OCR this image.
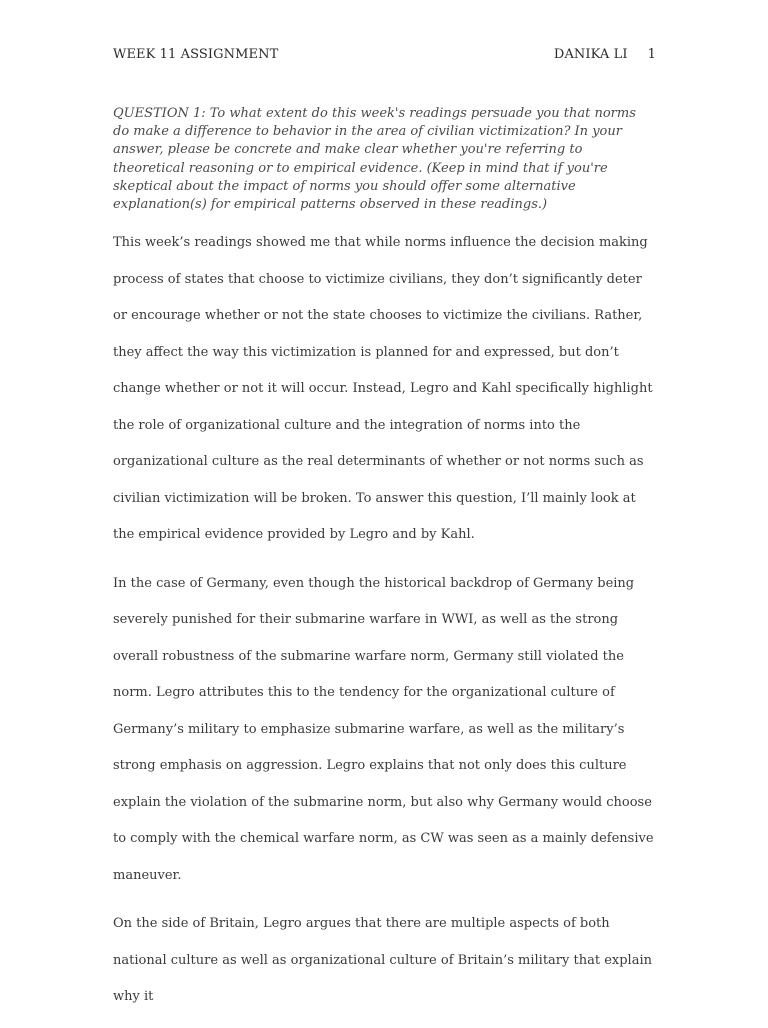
WEEK 11 ASSIGNMENT	DANIKA LI 1
QUESTION 1: To what extent do this week's readings persuade you that norms do make a difference to behavior in the area of civilian victimization? In your answer, please be concrete and make clear whether you're referring to theoretical reasoning or to empirical evidence. (Keep in mind that if you're skeptical about the impact of norms you should offer some alternative explanation(s) for empirical patterns observed in these readings.)

This week’s readings showed me that while norms influence the decision making process of states that choose to victimize civilians, they don’t significantly deter or encourage whether or not the state chooses to victimize the civilians. Rather, they affect the way this victimization is planned for and expressed, but don’t change whether or not it will occur. Instead, Legro and Kahl specifically highlight the role of organizational culture and the integration of norms into the organizational culture as the real determinants of whether or not norms such as civilian victimization will be broken. To answer this question, I’ll mainly look at the empirical evidence provided by Legro and by Kahl.

In the case of Germany, even though the historical backdrop of Germany being severely punished for their submarine warfare in WWI, as well as the strong overall robustness of the submarine warfare norm, Germany still violated the norm. Legro attributes this to the tendency for the organizational culture of Germany’s military to emphasize submarine warfare, as well as the military’s strong emphasis on aggression. Legro explains that not only does this culture explain the violation of the submarine norm, but also why Germany would choose to comply with the chemical warfare norm, as CW was seen as a mainly defensive maneuver.

On the side of Britain, Legro argues that there are multiple aspects of both national culture as well as organizational culture of Britain’s military that explain why it
